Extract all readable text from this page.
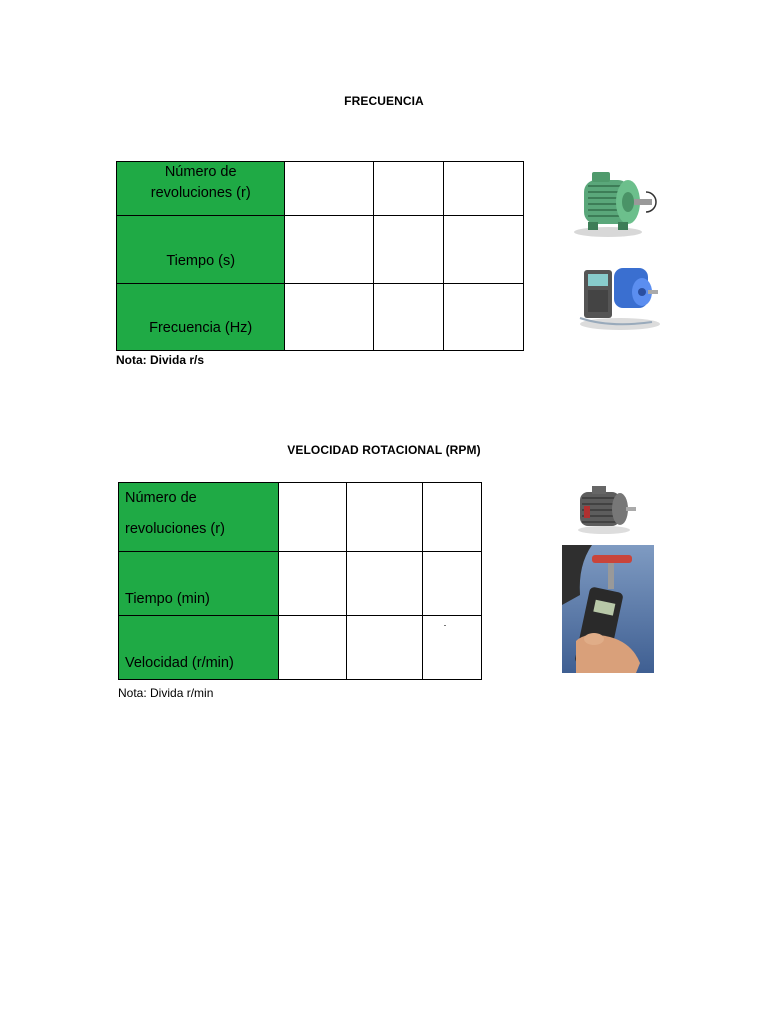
FRECUENCIA
Número de
revoluciones (r)			

Tiempo (s)			
Frecuencia (Hz)			
Nota: Divida r/s
VELOCIDAD ROTACIONAL (RPM)
Número de
revoluciones (r)			

Tiempo (min)			
Velocidad (r/min)			
Nota: Divida r/min
